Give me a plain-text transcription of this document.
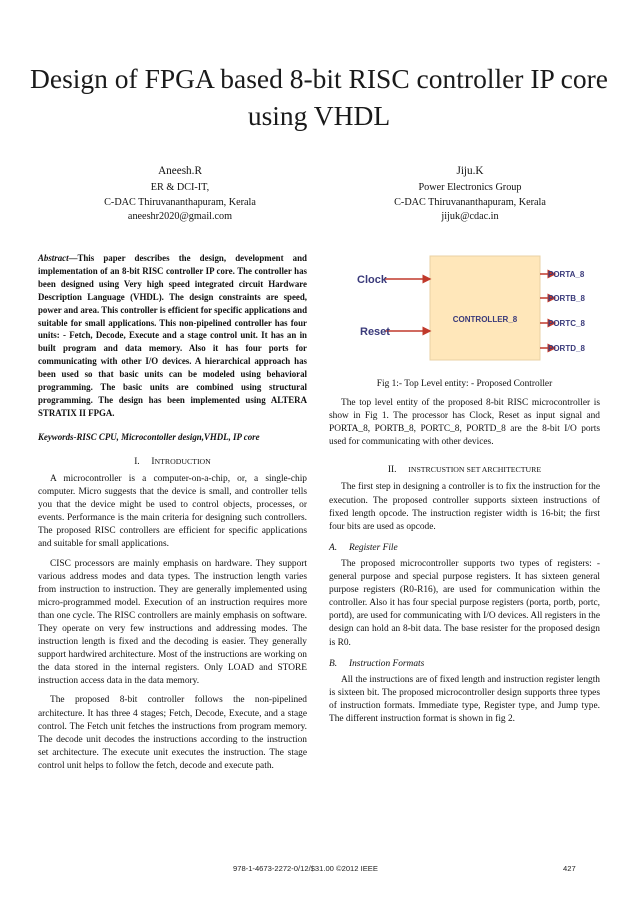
Design of FPGA based 8-bit RISC controller IP core using VHDL
Aneesh.R
ER & DCI-IT,
C-DAC Thiruvananthapuram, Kerala
aneeshr2020@gmail.com
Jiju.K
Power Electronics Group
C-DAC Thiruvananthapuram, Kerala
jijuk@cdac.in

Abstract—This paper describes the design, development and implementation of an 8-bit RISC controller IP core. The controller has been designed using Very high speed integrated circuit Hardware Description Language (VHDL). The design constraints are speed, power and area. This controller is efficient for specific applications and suitable for small applications. This non-pipelined controller has four units: - Fetch, Decode, Execute and a stage control unit. It has an in built program and data memory. Also it has four ports for communicating with other I/O devices. A hierarchical approach has been used so that basic units can be modeled using behavioral programming. The basic units are combined using structural programming. The design has been implemented using ALTERA STRATIX II FPGA.

Keywords-RISC CPU, Microcontoller design,VHDL, IP core

I. INTRODUCTION

A microcontroller is a computer-on-a-chip, or, a single-chip computer. Micro suggests that the device is small, and controller tells you that the device might be used to control objects, processes, or events. Performance is the main criteria for designing such controllers. The proposed RISC controllers are efficient for specific applications and suitable for small applications.

CISC processors are mainly emphasis on hardware. They support various address modes and data types. The instruction length varies from instruction to instruction. They are generally implemented using micro-programmed model. Execution of an instruction requires more than one cycle. The RISC controllers are mainly emphasis on software. They operate on very few instructions and addressing modes. The instruction length is fixed and the decoding is easier. They generally support hardwired architecture. Most of the instructions are working on the data stored in the internal registers. Only LOAD and STORE instruction access data in the data memory.

The proposed 8-bit controller follows the non-pipelined architecture. It has three 4 stages; Fetch, Decode, Execute, and a stage control. The Fetch unit fetches the instructions from program memory. The decode unit decodes the instructions according to the instruction set architecture. The execute unit executes the instruction. The stage control unit helps to follow the fetch, decode and execute path.

CONTROLLER_8
Clock
Reset
PORTA_8
PORTB_8
PORTC_8
PORTD_8
Fig 1:- Top Level entity: - Proposed Controller

The top level entity of the proposed 8-bit RISC microcontroller is show in Fig 1. The processor has Clock, Reset as input signal and PORTA_8, PORTB_8, PORTC_8, PORTD_8 are the 8-bit I/O ports used for communicating with other devices.

II. INSTRCUSTION SET ARCHITECTURE

The first step in designing a controller is to fix the instruction for the execution. The proposed controller supports sixteen instructions of fixed length opcode. The instruction register width is 16-bit; the first four bits are used as opcode.

A. Register File

The proposed microcontroller supports two types of registers: - general purpose and special purpose registers. It has sixteen general purpose registers (R0-R16), are used for communication within the controller. Also it has four special purpose registers (porta, portb, portc, portd), are used for communicating with I/O devices. All registers in the design can hold an 8-bit data. The base resister for the proposed design is R0.

B. Instruction Formats

All the instructions are of fixed length and instruction register length is sixteen bit. The proposed microcontroller design supports three types of instruction formats. Immediate type, Register type, and Jump type. The different instruction format is shown in fig 2.

978-1-4673-2272-0/12/$31.00 ©2012 IEEE	427
